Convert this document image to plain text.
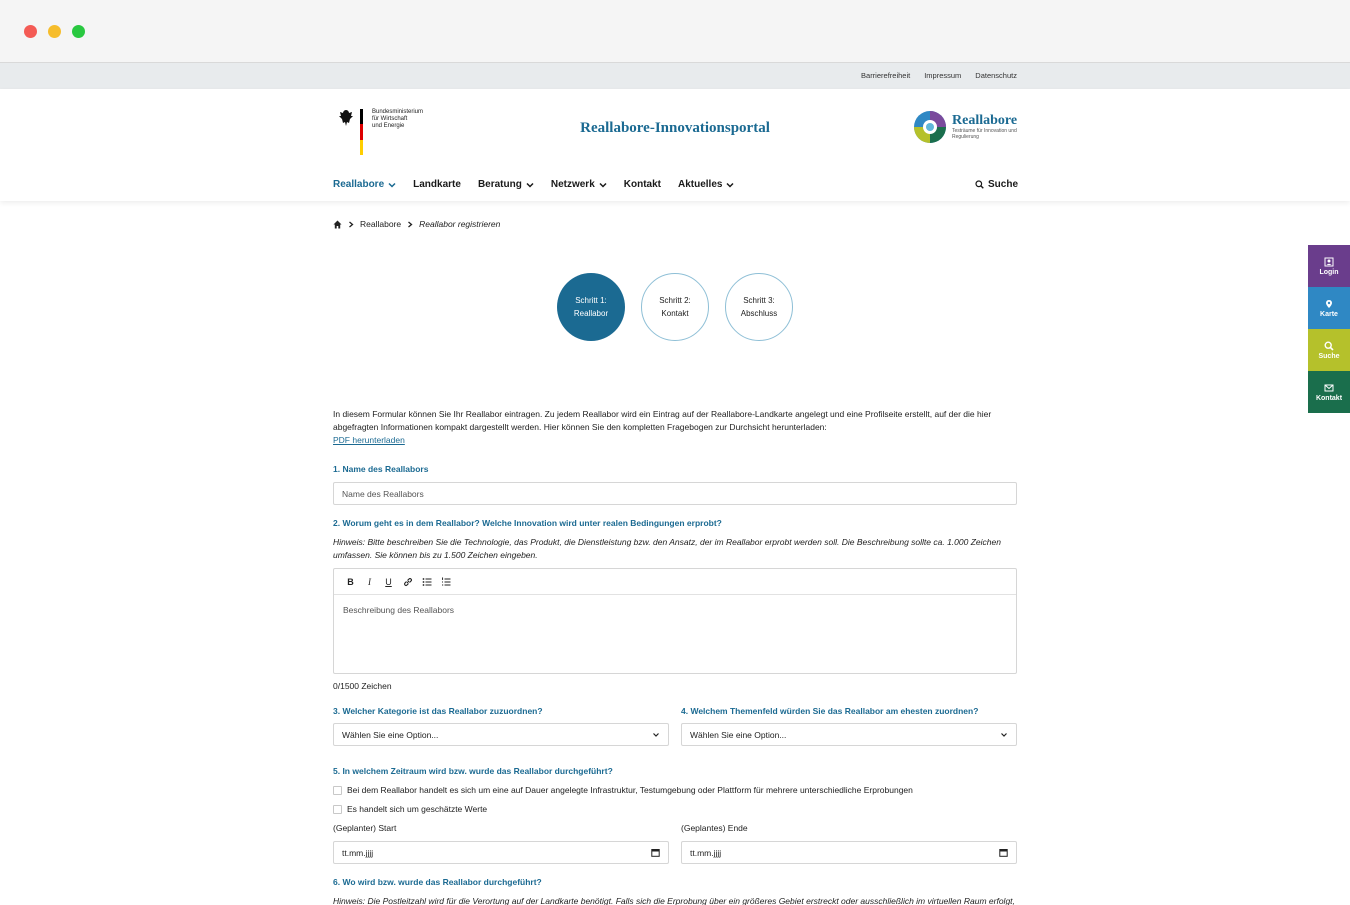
Barrierefreiheit Impressum Datenschutz
Bundesministerium
für Wirtschaft
und Energie	Reallabore-Innovationsportal	Reallabore
Testräume für Innovation und Regulierung
Reallabore	Landkarte Beratung	Netzwerk	Kontakt Aktuelles	Suche
Login
Karte
Suche
Kontakt
Reallabore Reallabor registrieren
Schritt 1:
Reallabor
Schritt 2:
Kontakt
Schritt 3:
Abschluss
In diesem Formular können Sie Ihr Reallabor eintragen. Zu jedem Reallabor wird ein Eintrag auf der Reallabore-Landkarte angelegt und eine Profilseite erstellt, auf der die hier abgefragten Informationen kompakt dargestellt werden. Hier können Sie den kompletten Fragebogen zur Durchsicht herunterladen:
PDF herunterladen
1. Name des Reallabors
Name des Reallabors
2. Worum geht es in dem Reallabor? Welche Innovation wird unter realen Bedingungen erprobt?
Hinweis: Bitte beschreiben Sie die Technologie, das Produkt, die Dienstleistung bzw. den Ansatz, der im Reallabor erprobt werden soll. Die Beschreibung sollte ca. 1.000 Zeichen umfassen. Sie können bis zu 1.500 Zeichen eingeben.
B	I	U
Beschreibung des Reallabors
0/1500 Zeichen
3. Welcher Kategorie ist das Reallabor zuzuordnen?	4. Welchem Themenfeld würden Sie das Reallabor am ehesten zuordnen?
Wählen Sie eine Option...	Wählen Sie eine Option...
5. In welchem Zeitraum wird bzw. wurde das Reallabor durchgeführt?
Bei dem Reallabor handelt es sich um eine auf Dauer angelegte Infrastruktur, Testumgebung oder Plattform für mehrere unterschiedliche Erprobungen
Es handelt sich um geschätzte Werte
(Geplanter) Start	(Geplantes) Ende
tt.mm.jjjj	tt.mm.jjjj
6. Wo wird bzw. wurde das Reallabor durchgeführt?
Hinweis: Die Postleitzahl wird für die Verortung auf der Landkarte benötigt. Falls sich die Erprobung über ein größeres Gebiet erstreckt oder ausschließlich im virtuellen Raum erfolgt,
